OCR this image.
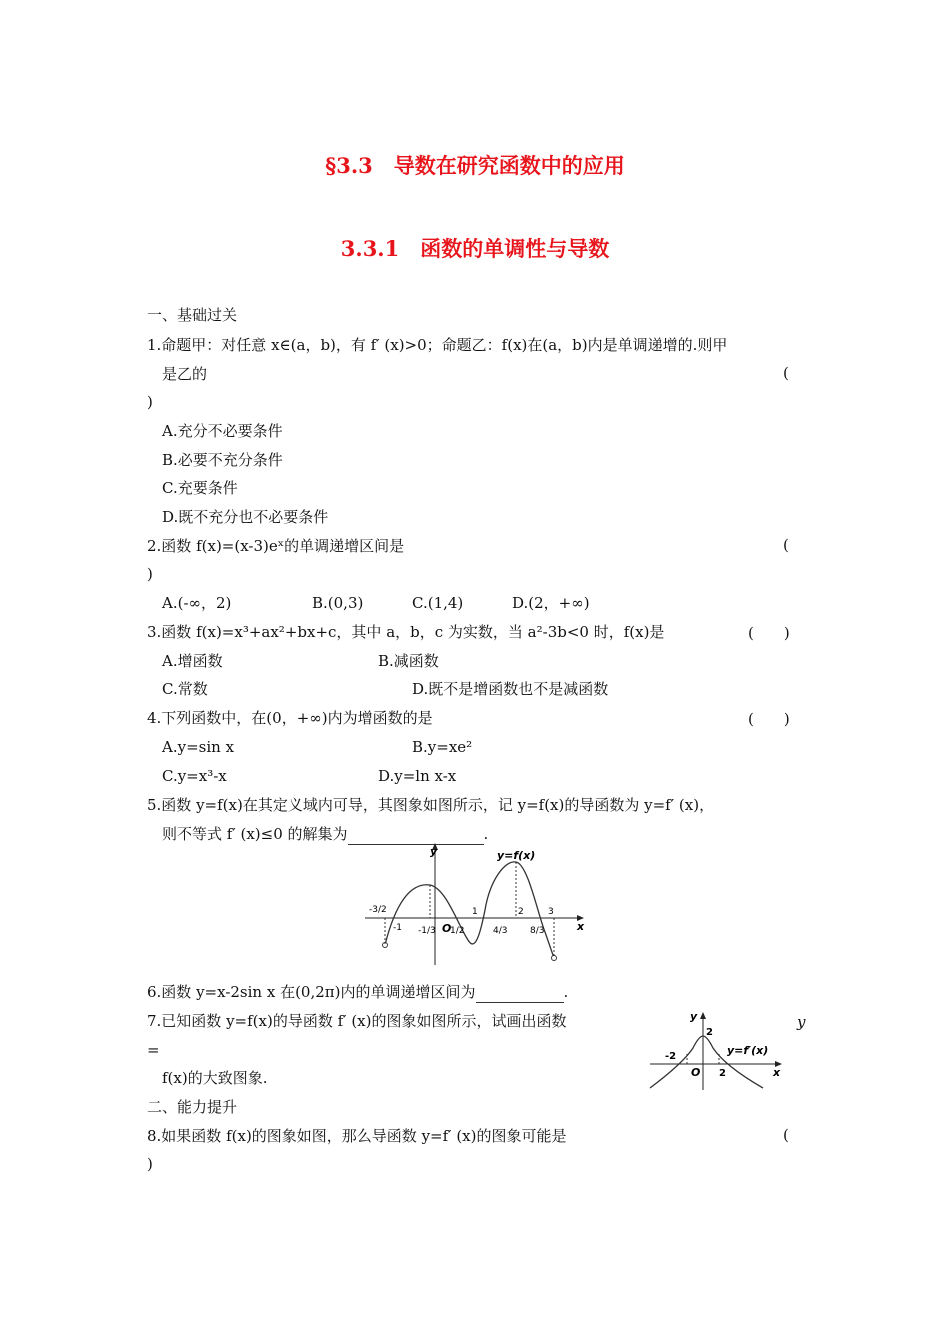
§3.3　导数在研究函数中的应用
3.3.1　函数的单调性与导数
一、基础过关
1.命题甲：对任意 x∈(a，b)，有 f′ (x)>0；命题乙：f(x)在(a，b)内是单调递增的.则甲
是乙的	(
)
A.充分不必要条件
B.必要不充分条件
C.充要条件
D.既不充分也不必要条件
2.函数 f(x)=(x-3)eˣ的单调递增区间是	(
)
A.(-∞，2)	B.(0,3)	C.(1,4)	D.(2，+∞)
3.函数 f(x)=x³+ax²+bx+c，其中 a，b，c 为实数，当 a²-3b<0 时，f(x)是	(　　)
A.增函数	B.减函数
C.常数	D.既不是增函数也不是减函数
4.下列函数中，在(0，+∞)内为增函数的是	(　　)
A.y=sin x	B.y=xe²
C.y=x³-x	D.y=ln x-x
5.函数 y=f(x)在其定义域内可导，其图象如图所示，记 y=f(x)的导函数为 y=f′ (x)，
则不等式 f′ (x)≤0 的解集为	.
y=f(x)
y
x
O
-3/2
-1 -1/3 1/2
1
4/3
2
8/3
3
6.函数 y=x-2sin x 在(0,2π)内的单调递增区间为	.
7.已知函数 y=f(x)的导函数 f′ (x)的图象如图所示，试画出函数	y
=
f(x)的大致图象.
y
x
O
y=f′(x)
-2
2
2
二、能力提升
8.如果函数 f(x)的图象如图，那么导函数 y=f′ (x)的图象可能是	(
)
